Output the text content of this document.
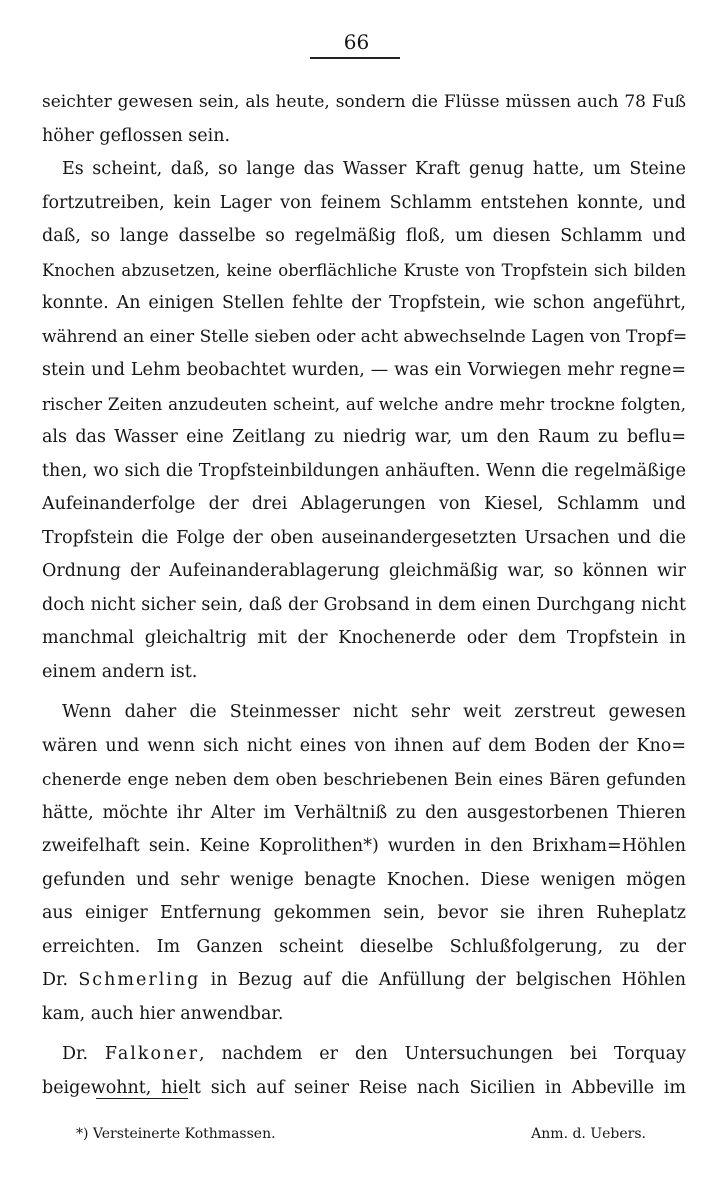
66
seichter gewesen sein, als heute, sondern die Flüsse müssen auch 78 Fuß
höher geflossen sein.
Es scheint, daß, so lange das Wasser Kraft genug hatte, um Steine
fortzutreiben, kein Lager von feinem Schlamm entstehen konnte, und
daß, so lange dasselbe so regelmäßig floß, um diesen Schlamm und
Knochen abzusetzen, keine oberflächliche Kruste von Tropfstein sich bilden
konnte. An einigen Stellen fehlte der Tropfstein, wie schon angeführt,
während an einer Stelle sieben oder acht abwechselnde Lagen von Tropf=
stein und Lehm beobachtet wurden, — was ein Vorwiegen mehr regne=
rischer Zeiten anzudeuten scheint, auf welche andre mehr trockne folgten,
als das Wasser eine Zeitlang zu niedrig war, um den Raum zu beflu=
then, wo sich die Tropfsteinbildungen anhäuften. Wenn die regelmäßige
Aufeinanderfolge der drei Ablagerungen von Kiesel, Schlamm und
Tropfstein die Folge der oben auseinandergesetzten Ursachen und die
Ordnung der Aufeinanderablagerung gleichmäßig war, so können wir
doch nicht sicher sein, daß der Grobsand in dem einen Durchgang nicht
manchmal gleichaltrig mit der Knochenerde oder dem Tropfstein in
einem andern ist.
Wenn daher die Steinmesser nicht sehr weit zerstreut gewesen
wären und wenn sich nicht eines von ihnen auf dem Boden der Kno=
chenerde enge neben dem oben beschriebenen Bein eines Bären gefunden
hätte, möchte ihr Alter im Verhältniß zu den ausgestorbenen Thieren
zweifelhaft sein. Keine Koprolithen*) wurden in den Brixham=Höhlen
gefunden und sehr wenige benagte Knochen. Diese wenigen mögen
aus einiger Entfernung gekommen sein, bevor sie ihren Ruheplatz
erreichten. Im Ganzen scheint dieselbe Schlußfolgerung, zu der
Dr. Schmerling in Bezug auf die Anfüllung der belgischen Höhlen
kam, auch hier anwendbar.
Dr. Falkoner, nachdem er den Untersuchungen bei Torquay
beigewohnt, hielt sich auf seiner Reise nach Sicilien in Abbeville im
*) Versteinerte Kothmassen.	Anm. d. Uebers.
